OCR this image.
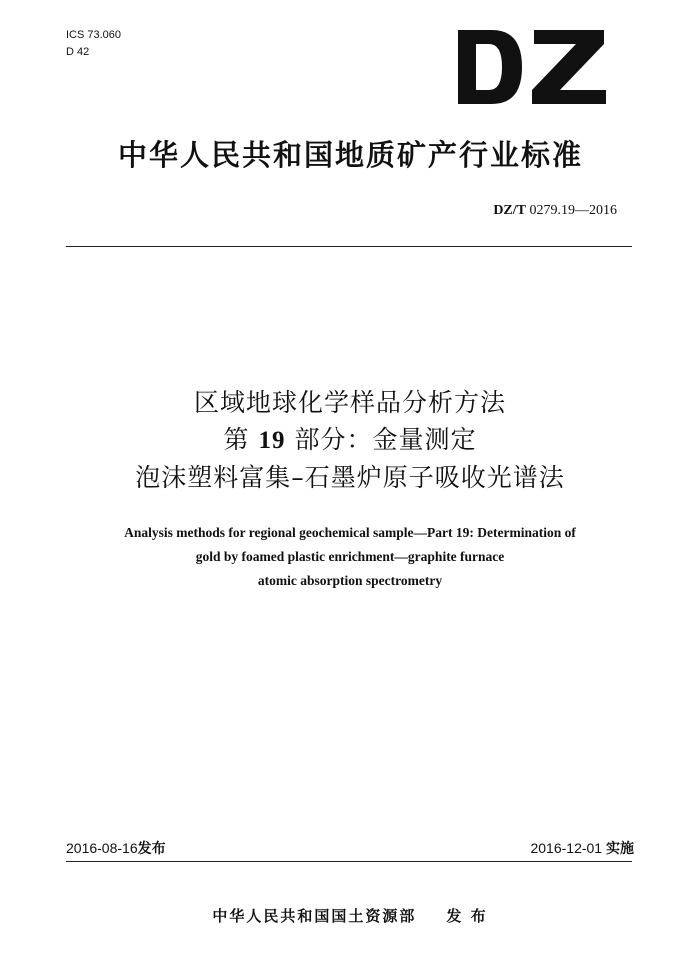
ICS 73.060
D 42
中华人民共和国地质矿产行业标准
DZ/T 0279.19—2016
区域地球化学样品分析方法
第 19 部分：金量测定
泡沫塑料富集–石墨炉原子吸收光谱法
Analysis methods for regional geochemical sample—Part 19: Determination of
gold by foamed plastic enrichment—graphite furnace
atomic absorption spectrometry
2016-08-16发布	2016-12-01 实施
中华人民共和国国土资源部 发 布
